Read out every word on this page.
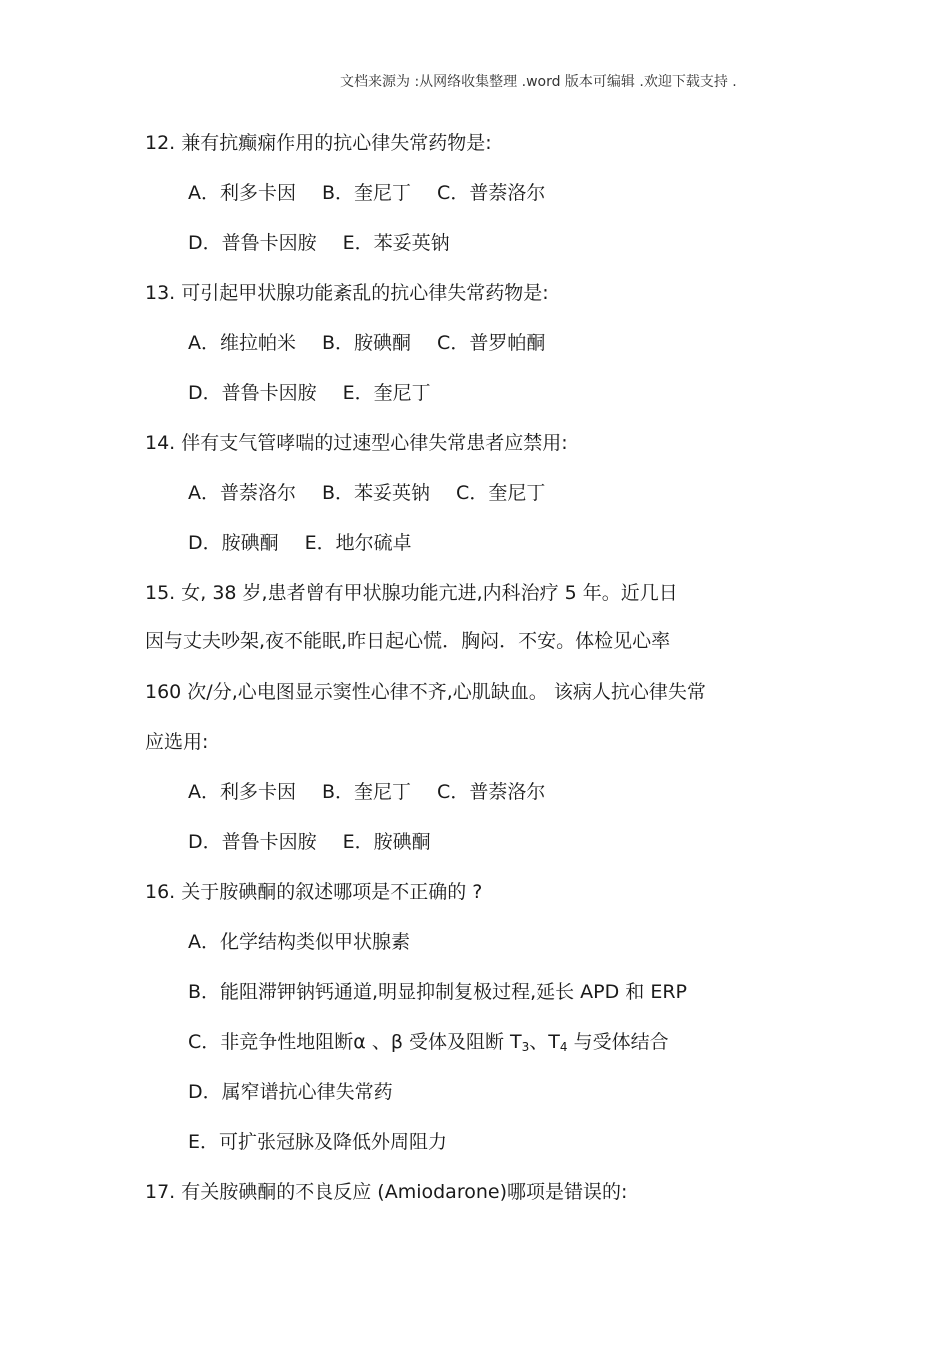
文档来源为 :从网络收集整理 .word 版本可编辑 .欢迎下载支持 .
12. 兼有抗癫痫作用的抗心律失常药物是:
A．利多卡因 B．奎尼丁 C．普萘洛尔
D．普鲁卡因胺 E．苯妥英钠
13. 可引起甲状腺功能紊乱的抗心律失常药物是:
A．维拉帕米 B．胺碘酮 C．普罗帕酮
D．普鲁卡因胺 E．奎尼丁
14. 伴有支气管哮喘的过速型心律失常患者应禁用:
A．普萘洛尔 B．苯妥英钠 C．奎尼丁
D．胺碘酮 E．地尔硫卓
15. 女, 38 岁,患者曾有甲状腺功能亢进,内科治疗 5 年。近几日
因与丈夫吵架,夜不能眠,昨日起心慌．胸闷．不安。体检见心率
160 次/分,心电图显示窦性心律不齐,心肌缺血。 该病人抗心律失常
应选用:
A．利多卡因 B．奎尼丁 C．普萘洛尔
D．普鲁卡因胺 E．胺碘酮
16. 关于胺碘酮的叙述哪项是不正确的 ?
A．化学结构类似甲状腺素
B．能阻滞钾钠钙通道,明显抑制复极过程,延长 APD 和 ERP
C．非竞争性地阻断α 、β 受体及阻断 $T_3$、$T_4$ 与受体结合
D．属窄谱抗心律失常药
E．可扩张冠脉及降低外周阻力
17. 有关胺碘酮的不良反应 (Amiodarone)哪项是错误的:
